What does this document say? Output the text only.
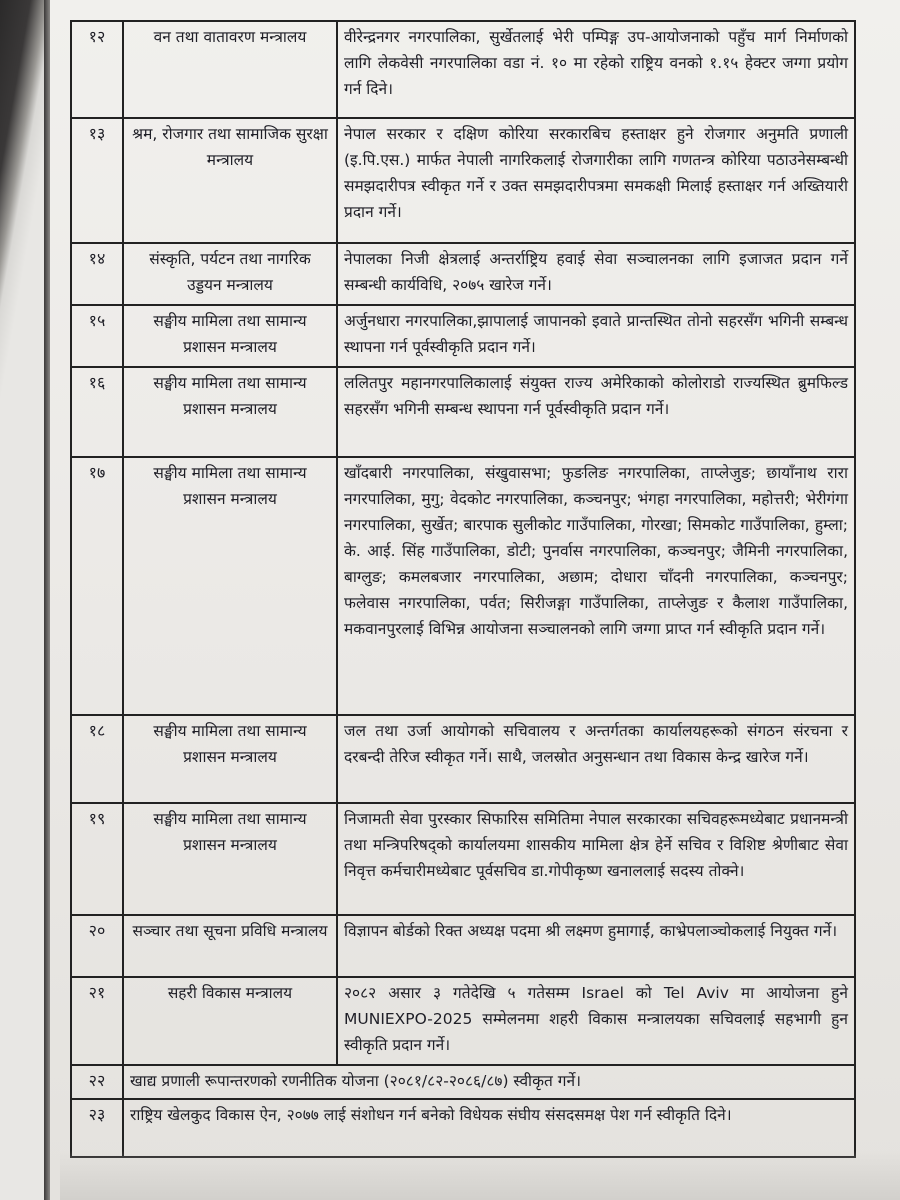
१२	वन तथा वातावरण मन्त्रालय	वीरेन्द्रनगर नगरपालिका, सुर्खेतलाई भेरी पम्पिङ्ग उप-आयोजनाको पहुँच मार्ग निर्माणको लागि लेकवेसी नगरपालिका वडा नं. १० मा रहेको राष्ट्रिय वनको १.१५ हेक्टर जग्गा प्रयोग गर्न दिने।
१३	श्रम, रोजगार तथा सामाजिक सुरक्षा मन्त्रालय	नेपाल सरकार र दक्षिण कोरिया सरकारबिच हस्ताक्षर हुने रोजगार अनुमति प्रणाली (इ.पि.एस.) मार्फत नेपाली नागरिकलाई रोजगारीका लागि गणतन्त्र कोरिया पठाउनेसम्बन्धी समझदारीपत्र स्वीकृत गर्ने र उक्त समझदारीपत्रमा समकक्षी मिलाई हस्ताक्षर गर्न अख्तियारी प्रदान गर्ने।
१४	संस्कृति, पर्यटन तथा नागरिक उड्डयन मन्त्रालय	नेपालका निजी क्षेत्रलाई अन्तर्राष्ट्रिय हवाई सेवा सञ्चालनका लागि इजाजत प्रदान गर्ने सम्बन्धी कार्यविधि, २०७५ खारेज गर्ने।
१५	सङ्घीय मामिला तथा सामान्य प्रशासन मन्त्रालय	अर्जुनधारा नगरपालिका,झापालाई जापानको इवाते प्रान्तस्थित तोनो सहरसँग भगिनी सम्बन्ध स्थापना गर्न पूर्वस्वीकृति प्रदान गर्ने।
१६	सङ्घीय मामिला तथा सामान्य प्रशासन मन्त्रालय	ललितपुर महानगरपालिकालाई संयुक्त राज्य अमेरिकाको कोलोराडो राज्यस्थित ब्रुमफिल्ड सहरसँग भगिनी सम्बन्ध स्थापना गर्न पूर्वस्वीकृति प्रदान गर्ने।
१७	सङ्घीय मामिला तथा सामान्य प्रशासन मन्त्रालय	खाँदबारी नगरपालिका, संखुवासभा; फुङलिङ नगरपालिका, ताप्लेजुङ; छायाँनाथ रारा नगरपालिका, मुगु; वेदकोट नगरपालिका, कञ्चनपुर; भंगहा नगरपालिका, महोत्तरी; भेरीगंगा नगरपालिका, सुर्खेत; बारपाक सुलीकोट गाउँपालिका, गोरखा; सिमकोट गाउँपालिका, हुम्ला; के. आई. सिंह गाउँपालिका, डोटी; पुनर्वास नगरपालिका, कञ्चनपुर; जैमिनी नगरपालिका, बाग्लुङ; कमलबजार नगरपालिका, अछाम; दोधारा चाँदनी नगरपालिका, कञ्चनपुर; फलेवास नगरपालिका, पर्वत; सिरीजङ्गा गाउँपालिका, ताप्लेजुङ र कैलाश गाउँपालिका, मकवानपुरलाई विभिन्न आयोजना सञ्चालनको लागि जग्गा प्राप्त गर्न स्वीकृति प्रदान गर्ने।
१८	सङ्घीय मामिला तथा सामान्य प्रशासन मन्त्रालय	जल तथा उर्जा आयोगको सचिवालय र अन्तर्गतका कार्यालयहरूको संगठन संरचना र दरबन्दी तेरिज स्वीकृत गर्ने। साथै, जलस्रोत अनुसन्धान तथा विकास केन्द्र खारेज गर्ने।
१९	सङ्घीय मामिला तथा सामान्य प्रशासन मन्त्रालय	निजामती सेवा पुरस्कार सिफारिस समितिमा नेपाल सरकारका सचिवहरूमध्येबाट प्रधानमन्त्री तथा मन्त्रिपरिषद्को कार्यालयमा शासकीय मामिला क्षेत्र हेर्ने सचिव र विशिष्ट श्रेणीबाट सेवा निवृत्त कर्मचारीमध्येबाट पूर्वसचिव डा.गोपीकृष्ण खनाललाई सदस्य तोक्ने।
२०	सञ्चार तथा सूचना प्रविधि मन्त्रालय	विज्ञापन बोर्डको रिक्त अध्यक्ष पदमा श्री लक्ष्मण हुमागाईं, काभ्रेपलाञ्चोकलाई नियुक्त गर्ने।
२१	सहरी विकास मन्त्रालय	२०८२ असार ३ गतेदेखि ५ गतेसम्म Israel को Tel Aviv मा आयोजना हुने MUNIEXPO-2025 सम्मेलनमा शहरी विकास मन्त्रालयका सचिवलाई सहभागी हुन स्वीकृति प्रदान गर्ने।
२२	खाद्य प्रणाली रूपान्तरणको रणनीतिक योजना (२०८१/८२-२०८६/८७) स्वीकृत गर्ने।	
२३	राष्ट्रिय खेलकुद विकास ऐन, २०७७ लाई संशोधन गर्न बनेको विधेयक संघीय संसदसमक्ष पेश गर्न स्वीकृति दिने।	
